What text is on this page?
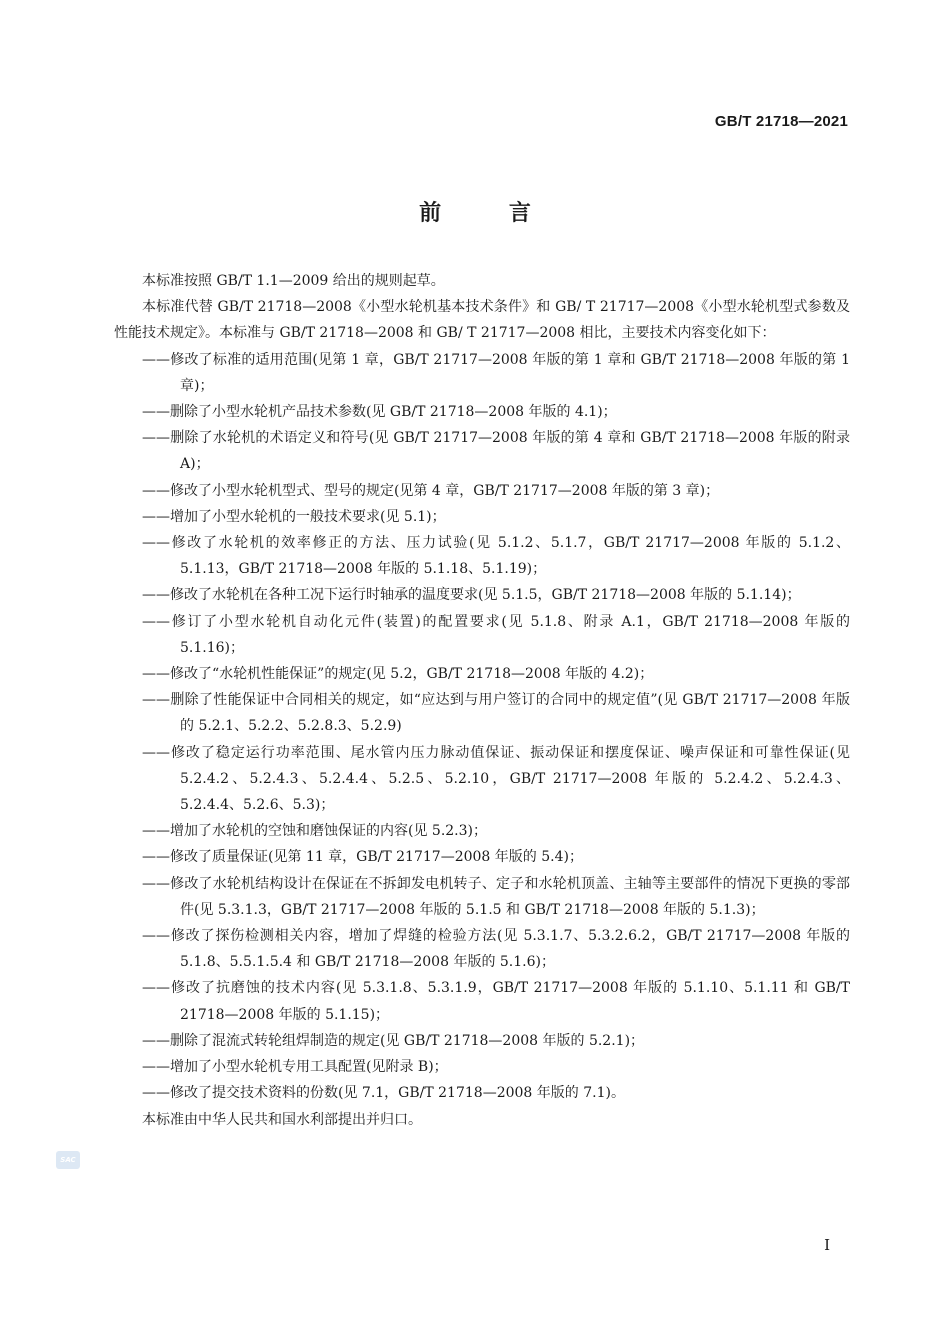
GB/T 21718—2021
前 言

本标准按照 GB/T 1.1—2009 给出的规则起草。

本标准代替 GB/T 21718—2008《小型水轮机基本技术条件》和 GB/ T 21717—2008《小型水轮机型式参数及性能技术规定》。本标准与 GB/T 21718—2008 和 GB/ T 21717—2008 相比，主要技术内容变化如下：

——修改了标准的适用范围(见第 1 章，GB/T 21717—2008 年版的第 1 章和 GB/T 21718—2008 年版的第 1 章)；

——删除了小型水轮机产品技术参数(见 GB/T 21718—2008 年版的 4.1)；

——删除了水轮机的术语定义和符号(见 GB/T 21717—2008 年版的第 4 章和 GB/T 21718—2008 年版的附录 A)；

——修改了小型水轮机型式、型号的规定(见第 4 章，GB/T 21717—2008 年版的第 3 章)；

——增加了小型水轮机的一般技术要求(见 5.1)；

——修改了水轮机的效率修正的方法、压力试验(见 5.1.2、5.1.7，GB/T 21717—2008 年版的 5.1.2、5.1.13，GB/T 21718—2008 年版的 5.1.18、5.1.19)；

——修改了水轮机在各种工况下运行时轴承的温度要求(见 5.1.5，GB/T 21718—2008 年版的 5.1.14)；

——修订了小型水轮机自动化元件(装置)的配置要求(见 5.1.8、附录 A.1，GB/T 21718—2008 年版的 5.1.16)；

——修改了“水轮机性能保证”的规定(见 5.2，GB/T 21718—2008 年版的 4.2)；

——删除了性能保证中合同相关的规定，如“应达到与用户签订的合同中的规定值”(见 GB/T 21717—2008 年版的 5.2.1、5.2.2、5.2.8.3、5.2.9)

——修改了稳定运行功率范围、尾水管内压力脉动值保证、振动保证和摆度保证、噪声保证和可靠性保证(见 5.2.4.2、5.2.4.3、5.2.4.4、5.2.5、5.2.10，GB/T 21717—2008 年版的 5.2.4.2、5.2.4.3、5.2.4.4、5.2.6、5.3)；

——增加了水轮机的空蚀和磨蚀保证的内容(见 5.2.3)；

——修改了质量保证(见第 11 章，GB/T 21717—2008 年版的 5.4)；

——修改了水轮机结构设计在保证在不拆卸发电机转子、定子和水轮机顶盖、主轴等主要部件的情况下更换的零部件(见 5.3.1.3，GB/T 21717—2008 年版的 5.1.5 和 GB/T 21718—2008 年版的 5.1.3)；

——修改了探伤检测相关内容，增加了焊缝的检验方法(见 5.3.1.7、5.3.2.6.2，GB/T 21717—2008 年版的 5.1.8、5.5.1.5.4 和 GB/T 21718—2008 年版的 5.1.6)；

——修改了抗磨蚀的技术内容(见 5.3.1.8、5.3.1.9，GB/T 21717—2008 年版的 5.1.10、5.1.11 和 GB/T 21718—2008 年版的 5.1.15)；

——删除了混流式转轮组焊制造的规定(见 GB/T 21718—2008 年版的 5.2.1)；

——增加了小型水轮机专用工具配置(见附录 B)；

——修改了提交技术资料的份数(见 7.1，GB/T 21718—2008 年版的 7.1)。

本标准由中华人民共和国水利部提出并归口。

SAC
I
